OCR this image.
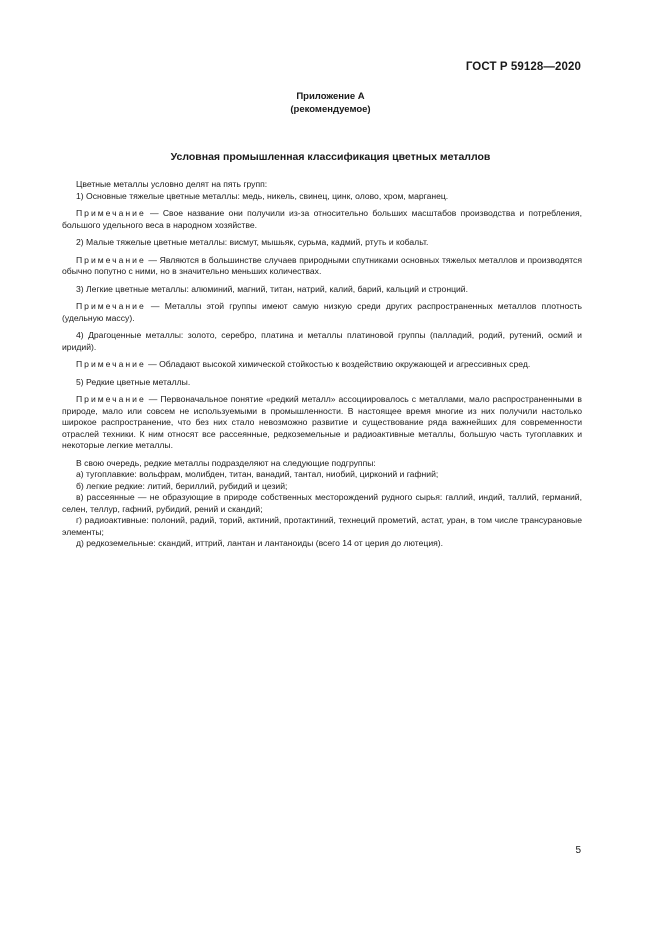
ГОСТ Р 59128—2020
Приложение А
(рекомендуемое)
Условная промышленная классификация цветных металлов

Цветные металлы условно делят на пять групп:

1) Основные тяжелые цветные металлы: медь, никель, свинец, цинк, олово, хром, марганец.

Примечание — Свое название они получили из-за относительно больших масштабов производства и потребления, большого удельного веса в народном хозяйстве.

2) Малые тяжелые цветные металлы: висмут, мышьяк, сурьма, кадмий, ртуть и кобальт.

Примечание — Являются в большинстве случаев природными спутниками основных тяжелых металлов и производятся обычно попутно с ними, но в значительно меньших количествах.

3) Легкие цветные металлы: алюминий, магний, титан, натрий, калий, барий, кальций и стронций.

Примечание — Металлы этой группы имеют самую низкую среди других распространенных металлов плотность (удельную массу).

4) Драгоценные металлы: золото, серебро, платина и металлы платиновой группы (палладий, родий, рутений, осмий и иридий).

Примечание — Обладают высокой химической стойкостью к воздействию окружающей и агрессивных сред.

5) Редкие цветные металлы.

Примечание — Первоначальное понятие «редкий металл» ассоциировалось с металлами, мало распространенными в природе, мало или совсем не используемыми в промышленности. В настоящее время многие из них получили настолько широкое распространение, что без них стало невозможно развитие и существование ряда важнейших для современности отраслей техники. К ним относят все рассеянные, редкоземельные и радиоактивные металлы, большую часть тугоплавких и некоторые легкие металлы.

В свою очередь, редкие металлы подразделяют на следующие подгруппы:

а) тугоплавкие: вольфрам, молибден, титан, ванадий, тантал, ниобий, цирконий и гафний;

б) легкие редкие: литий, бериллий, рубидий и цезий;

в) рассеянные — не образующие в природе собственных месторождений рудного сырья: галлий, индий, таллий, германий, селен, теллур, гафний, рубидий, рений и скандий;

г) радиоактивные: полоний, радий, торий, актиний, протактиний, технеций прометий, астат, уран, в том числе трансурановые элементы;

д) редкоземельные: скандий, иттрий, лантан и лантаноиды (всего 14 от церия до лютеция).

5
